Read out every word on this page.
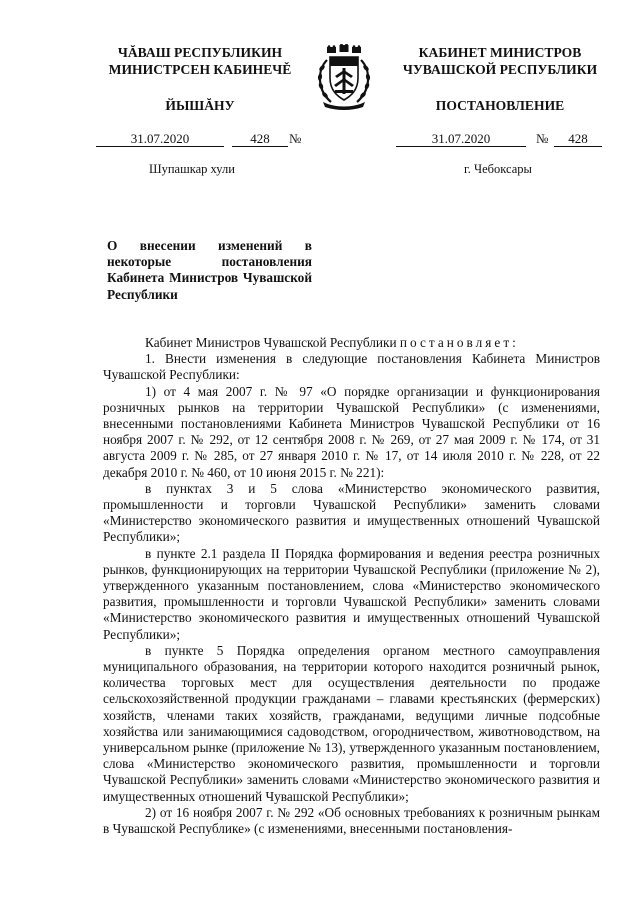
ЧĂВАШ РЕСПУБЛИКИН
МИНИСТРСЕН КАБИНЕЧĚ
ЙЫШĂНУ
КАБИНЕТ МИНИСТРОВ
ЧУВАШСКОЙ РЕСПУБЛИКИ
ПОСТАНОВЛЕНИЕ
31.07.2020	428	№	31.07.2020	№	428
Шупашкар хули	г. Чебоксары
О внесении изменений в некоторые постановления Кабинета Министров Чувашской Республики

Кабинет Министров Чувашской Республики постановляет:

1. Внести изменения в следующие постановления Кабинета Министров Чувашской Республики:

1) от 4 мая 2007 г. № 97 «О порядке организации и функционирования розничных рынков на территории Чувашской Республики» (с изменениями, внесенными постановлениями Кабинета Министров Чувашской Республики от 16 ноября 2007 г. № 292, от 12 сентября 2008 г. № 269, от 27 мая 2009 г. № 174, от 31 августа 2009 г. № 285, от 27 января 2010 г. № 17, от 14 июля 2010 г. № 228, от 22 декабря 2010 г. № 460, от 10 июня 2015 г. № 221):

в пунктах 3 и 5 слова «Министерство экономического развития, промышленности и торговли Чувашской Республики» заменить словами «Министерство экономического развития и имущественных отношений Чувашской Республики»;

в пункте 2.1 раздела II Порядка формирования и ведения реестра розничных рынков, функционирующих на территории Чувашской Республики (приложение № 2), утвержденного указанным постановлением, слова «Министерство экономического развития, промышленности и торговли Чувашской Республики» заменить словами «Министерство экономического развития и имущественных отношений Чувашской Республики»;

в пункте 5 Порядка определения органом местного самоуправления муниципального образования, на территории которого находится розничный рынок, количества торговых мест для осуществления деятельности по продаже сельскохозяйственной продукции гражданами – главами крестьянских (фермерских) хозяйств, членами таких хозяйств, гражданами, ведущими личные подсобные хозяйства или занимающимися садоводством, огородничеством, животноводством, на универсальном рынке (приложение № 13), утвержденного указанным постановлением, слова «Министерство экономического развития, промышленности и торговли Чувашской Республики» заменить словами «Министерство экономического развития и имущественных отношений Чувашской Республики»;

2) от 16 ноября 2007 г. № 292 «Об основных требованиях к розничным рынкам в Чувашской Республике» (с изменениями, внесенными постановления-
